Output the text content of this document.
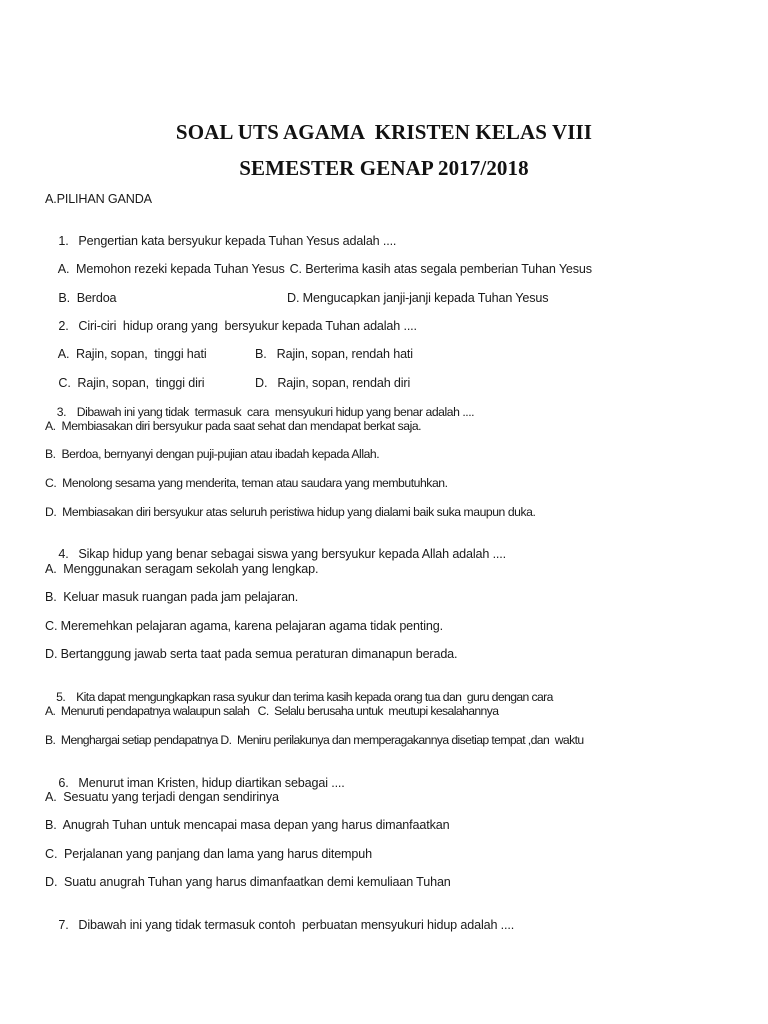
SOAL UTS AGAMA  KRISTEN KELAS VIII
SEMESTER GENAP 2017/2018
A.PILIHAN GANDA

1. Pengertian kata bersyukur kepada Tuhan Yesus adalah ....

A.  Memohon rezeki kepada Tuhan Yesus C. Berterima kasih atas segala pemberian Tuhan Yesus

B.  Berdoa	D. Mengucapkan janji-janji kepada Tuhan Yesus

2. Ciri-ciri  hidup orang yang  bersyukur kepada Tuhan adalah ....

A.  Rajin, sopan,  tinggi hati	B.   Rajin, sopan, rendah hati

C.  Rajin, sopan,  tinggi diri	D.   Rajin, sopan, rendah diri

3. Dibawah ini yang tidak  termasuk  cara  mensyukuri hidup yang benar adalah ....

A.  Membiasakan diri bersyukur pada saat sehat dan mendapat berkat saja.
B.  Berdoa, bernyanyi dengan puji-pujian atau ibadah kepada Allah.
C.  Menolong sesama yang menderita, teman atau saudara yang membutuhkan.
D.  Membiasakan diri bersyukur atas seluruh peristiwa hidup yang dialami baik suka maupun duka.

4. Sikap hidup yang benar sebagai siswa yang bersyukur kepada Allah adalah ....

A.  Menggunakan seragam sekolah yang lengkap.
B.  Keluar masuk ruangan pada jam pelajaran.
C. Meremehkan pelajaran agama, karena pelajaran agama tidak penting.
D. Bertanggung jawab serta taat pada semua peraturan dimanapun berada.

5. Kita dapat mengungkapkan rasa syukur dan terima kasih kepada orang tua dan  guru dengan cara

A.  Menuruti pendapatnya walaupun salah   C.  Selalu berusaha untuk  meutupi kesalahannya
B.  Menghargai setiap pendapatnya D.  Meniru perilakunya dan memperagakannya disetiap tempat ,dan  waktu

6. Menurut iman Kristen, hidup diartikan sebagai ....

A.  Sesuatu yang terjadi dengan sendirinya
B.  Anugrah Tuhan untuk mencapai masa depan yang harus dimanfaatkan
C.  Perjalanan yang panjang dan lama yang harus ditempuh
D.  Suatu anugrah Tuhan yang harus dimanfaatkan demi kemuliaan Tuhan

7. Dibawah ini yang tidak termasuk contoh  perbuatan mensyukuri hidup adalah ....
